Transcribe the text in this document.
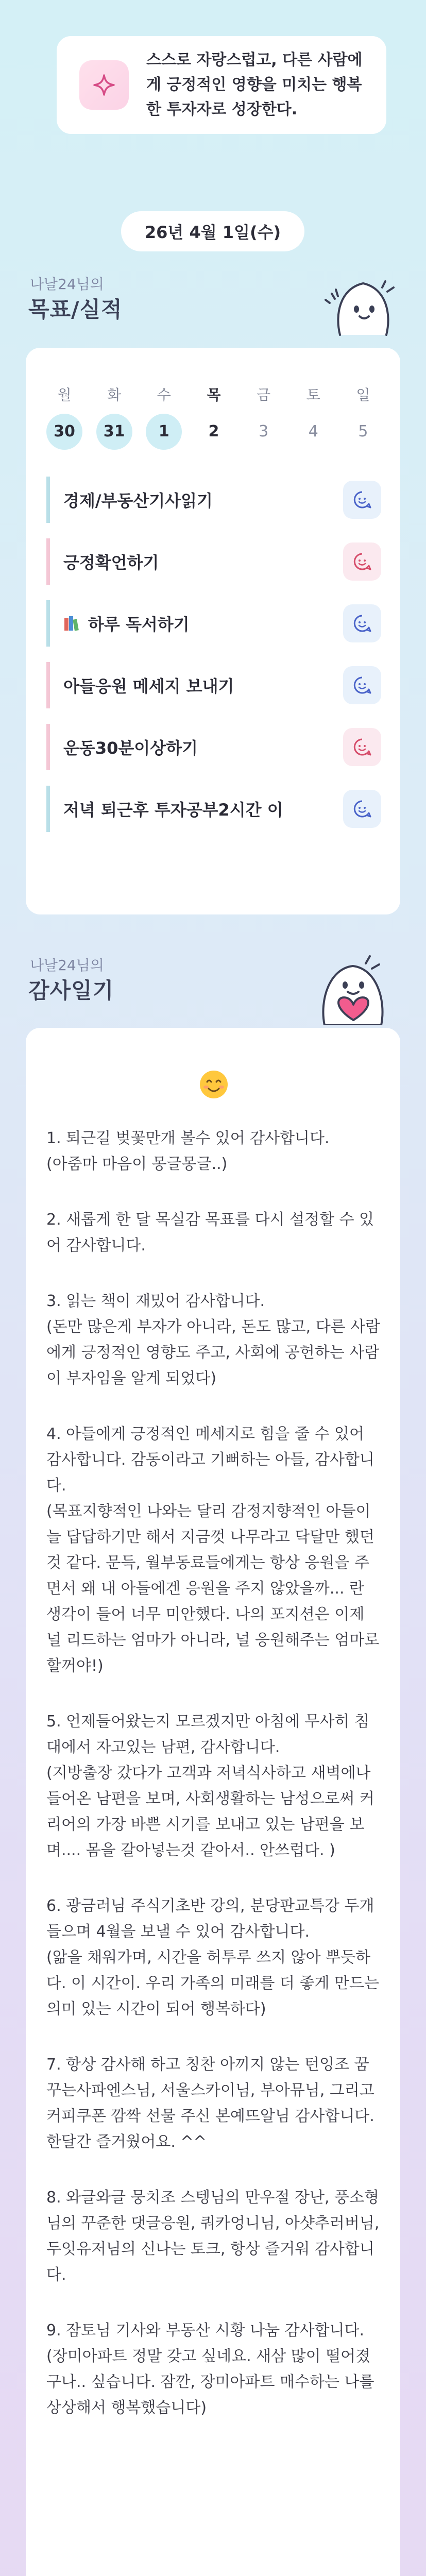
스스로 자랑스럽고, 다른 사람에게 긍정적인 영향을 미치는 행복한 투자자로 성장한다.
26년 4월 1일(수)
나날24님의
목표/실적
월	화	수	목	금	토	일
30	31	1	2	3	4	5
경제/부동산기사읽기
긍정확언하기
하루 독서하기
아들응원 메세지 보내기
운동30분이상하기
저녁 퇴근후 투자공부2시간 이
나날24님의
감사일기
1. 퇴근길 벚꽃만개 볼수 있어 감사합니다.
(아줌마 마음이 몽글몽글..)
2. 새롭게 한 달 목실감 목표를 다시 설정할 수 있어 감사합니다.
3. 읽는 책이 재밌어 감사합니다.
(돈만 많은게 부자가 아니라, 돈도 많고, 다른 사람에게 긍정적인 영향도 주고, 사회에 공헌하는 사람이 부자임을 알게 되었다)
4. 아들에게 긍정적인 메세지로 힘을 줄 수 있어 감사합니다. 감동이라고 기뻐하는 아들, 감사합니다.
(목표지향적인 나와는 달리 감정지향적인 아들이 늘 답답하기만 해서 지금껏 나무라고 닥달만 했던것 같다. 문득, 월부동료들에게는 항상 응원을 주면서 왜 내 아들에겐 응원을 주지 않았을까... 란 생각이 들어 너무 미안했다. 나의 포지션은 이제 널 리드하는 엄마가 아니라, 널 응원해주는 엄마로 할꺼야!)
5. 언제들어왔는지 모르겠지만 아침에 무사히 침대에서 자고있는 남편, 감사합니다.
(지방출장 갔다가 고객과 저녁식사하고 새벽에나 들어온 남편을 보며, 사회생활하는 남성으로써 커리어의 가장 바쁜 시기를 보내고 있는 남편을 보며.... 몸을 갈아넣는것 같아서.. 안쓰럽다. )
6. 광금러님 주식기초반 강의, 분당판교특강 두개 들으며 4월을 보낼 수 있어 감사합니다.
(앎을 채워가며, 시간을 허투루 쓰지 않아 뿌듯하다. 이 시간이. 우리 가족의 미래를 더 좋게 만드는 의미 있는 시간이 되어 행복하다)
7. 항상 감사해 하고 칭찬 아끼지 않는 턴잉조 꿈꾸는사파엔스님, 서울스카이님, 부아뮤님, 그리고 커피쿠폰 깜짝 선물 주신 본예뜨알님 감사합니다. 한달간 즐거웠어요. ^^
8. 와글와글 뭉치조 스텡님의 만우절 장난, 풍소형님의 꾸준한 댓글응원, 쿼카엉니님, 아샷추러버님, 두잇유저님의 신나는 토크, 항상 즐거워 감사합니다.
9. 잠토님 기사와 부동산 시황 나눔 감사합니다.
(장미아파트 정말 갖고 싶네요. 새삼 많이 떨어졌구나.. 싶습니다. 잠깐, 장미아파트 매수하는 나를 상상해서 행복했습니다)
